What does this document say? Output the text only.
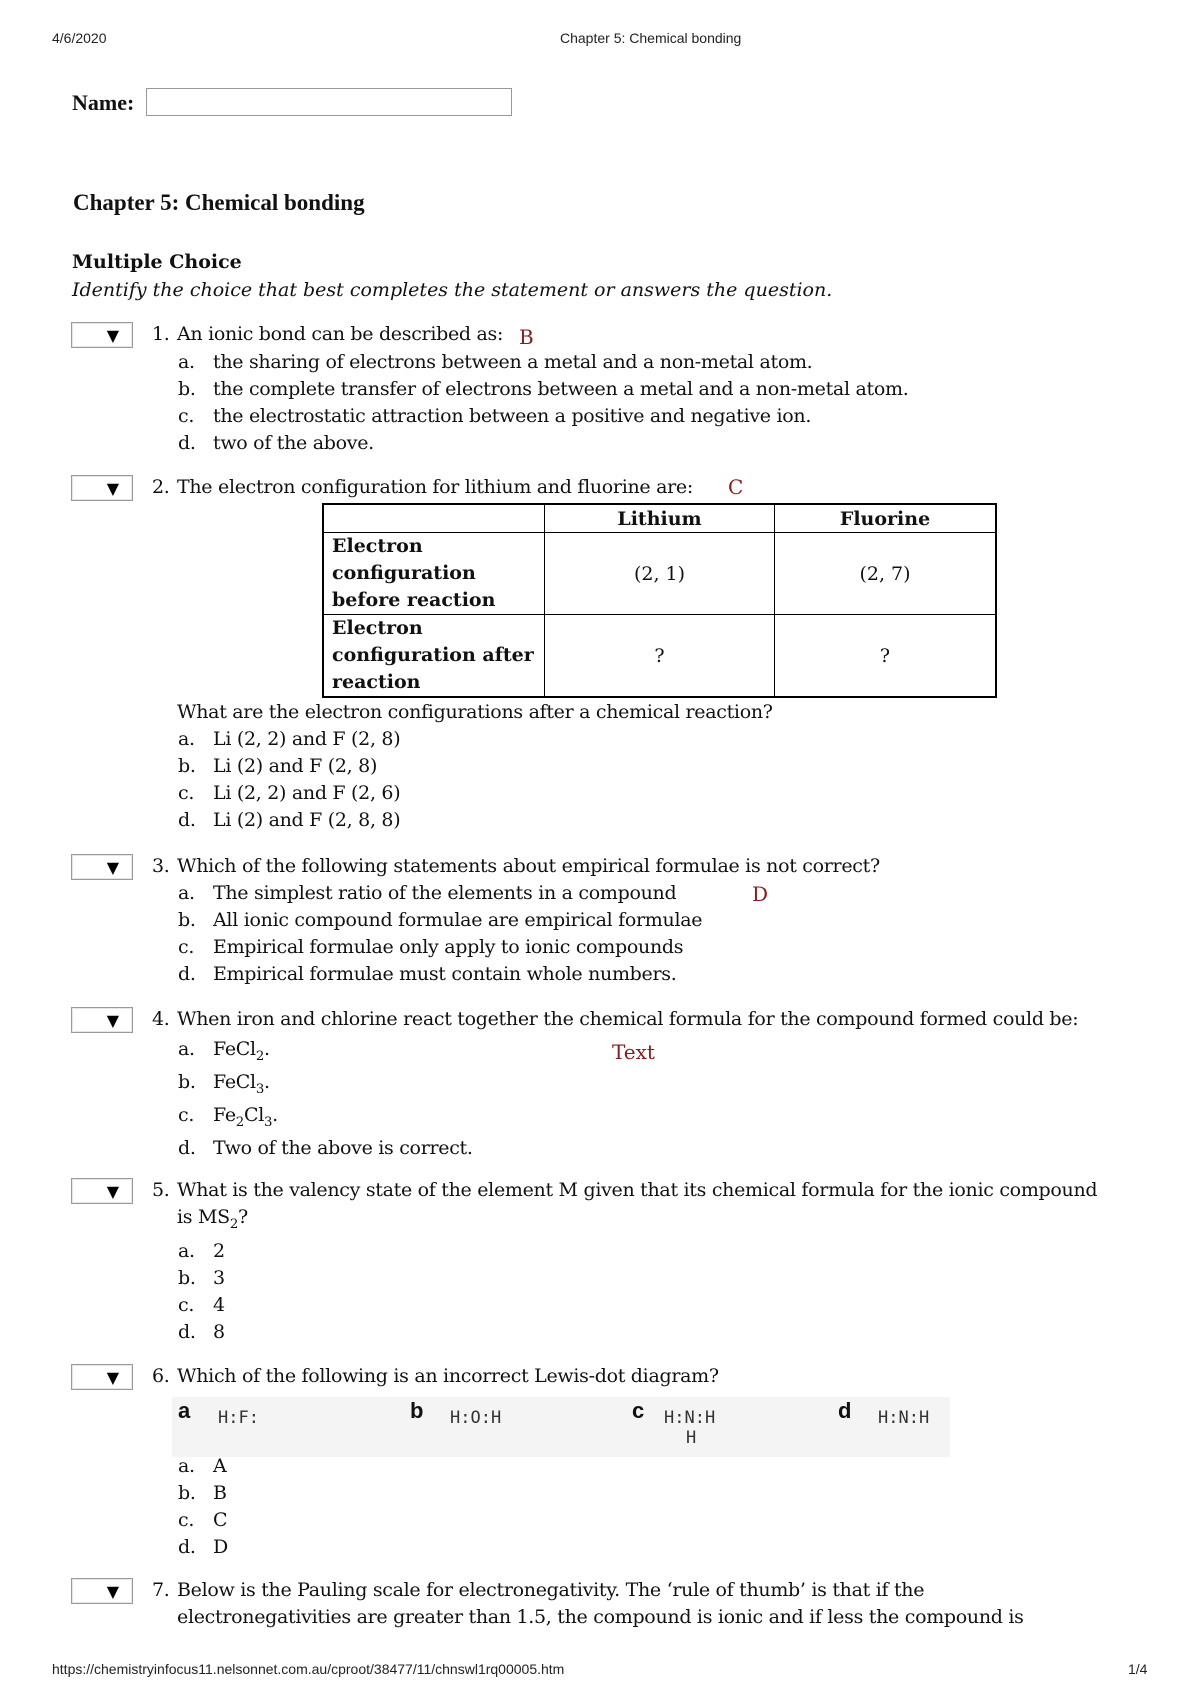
4/6/2020	Chapter 5: Chemical bonding
https://chemistryinfocus11.nelsonnet.com.au/cproot/38477/11/chnswl1rq00005.htm	1/4
Name:
Chapter 5: Chemical bonding
Multiple Choice
Identify the choice that best completes the statement or answers the question.
▼ 1. An ionic bond can be described as: B
a. the sharing of electrons between a metal and a non-metal atom.
b. the complete transfer of electrons between a metal and a non-metal atom.
c. the electrostatic attraction between a positive and negative ion.
d. two of the above.
▼ 2. The electron configuration for lithium and fluorine are: C
	Lithium	Fluorine
Electron configuration before reaction	(2, 1)	(2, 7)
Electron configuration after reaction	?	?
What are the electron configurations after a chemical reaction?
a. Li (2, 2) and F (2, 8)
b. Li (2) and F (2, 8)
c. Li (2, 2) and F (2, 6)
d. Li (2) and F (2, 8, 8)
▼ 3. Which of the following statements about empirical formulae is not correct?
D
a. The simplest ratio of the elements in a compound
b. All ionic compound formulae are empirical formulae
c. Empirical formulae only apply to ionic compounds
d. Empirical formulae must contain whole numbers.
▼ 4. When iron and chlorine react together the chemical formula for the compound formed could be:
Text
a. FeCl$_2$.
b. FeCl$_3$.
c. $Fe_2Cl_3$.
d. Two of the above is correct.
▼ 5. What is the valency state of the element M given that its chemical formula for the ionic compound
is $MS_2$?
a. 2
b. 3
c. 4
d. 8
▼ 6. Which of the following is an incorrect Lewis-dot diagram?
a H:F:	b H:O:H	c H:N:H
H
d H:N:H
a. A
b. B
c. C
d. D
▼ 7. Below is the Pauling scale for electronegativity. The ‘rule of thumb’ is that if the
electronegativities are greater than 1.5, the compound is ionic and if less the compound is
